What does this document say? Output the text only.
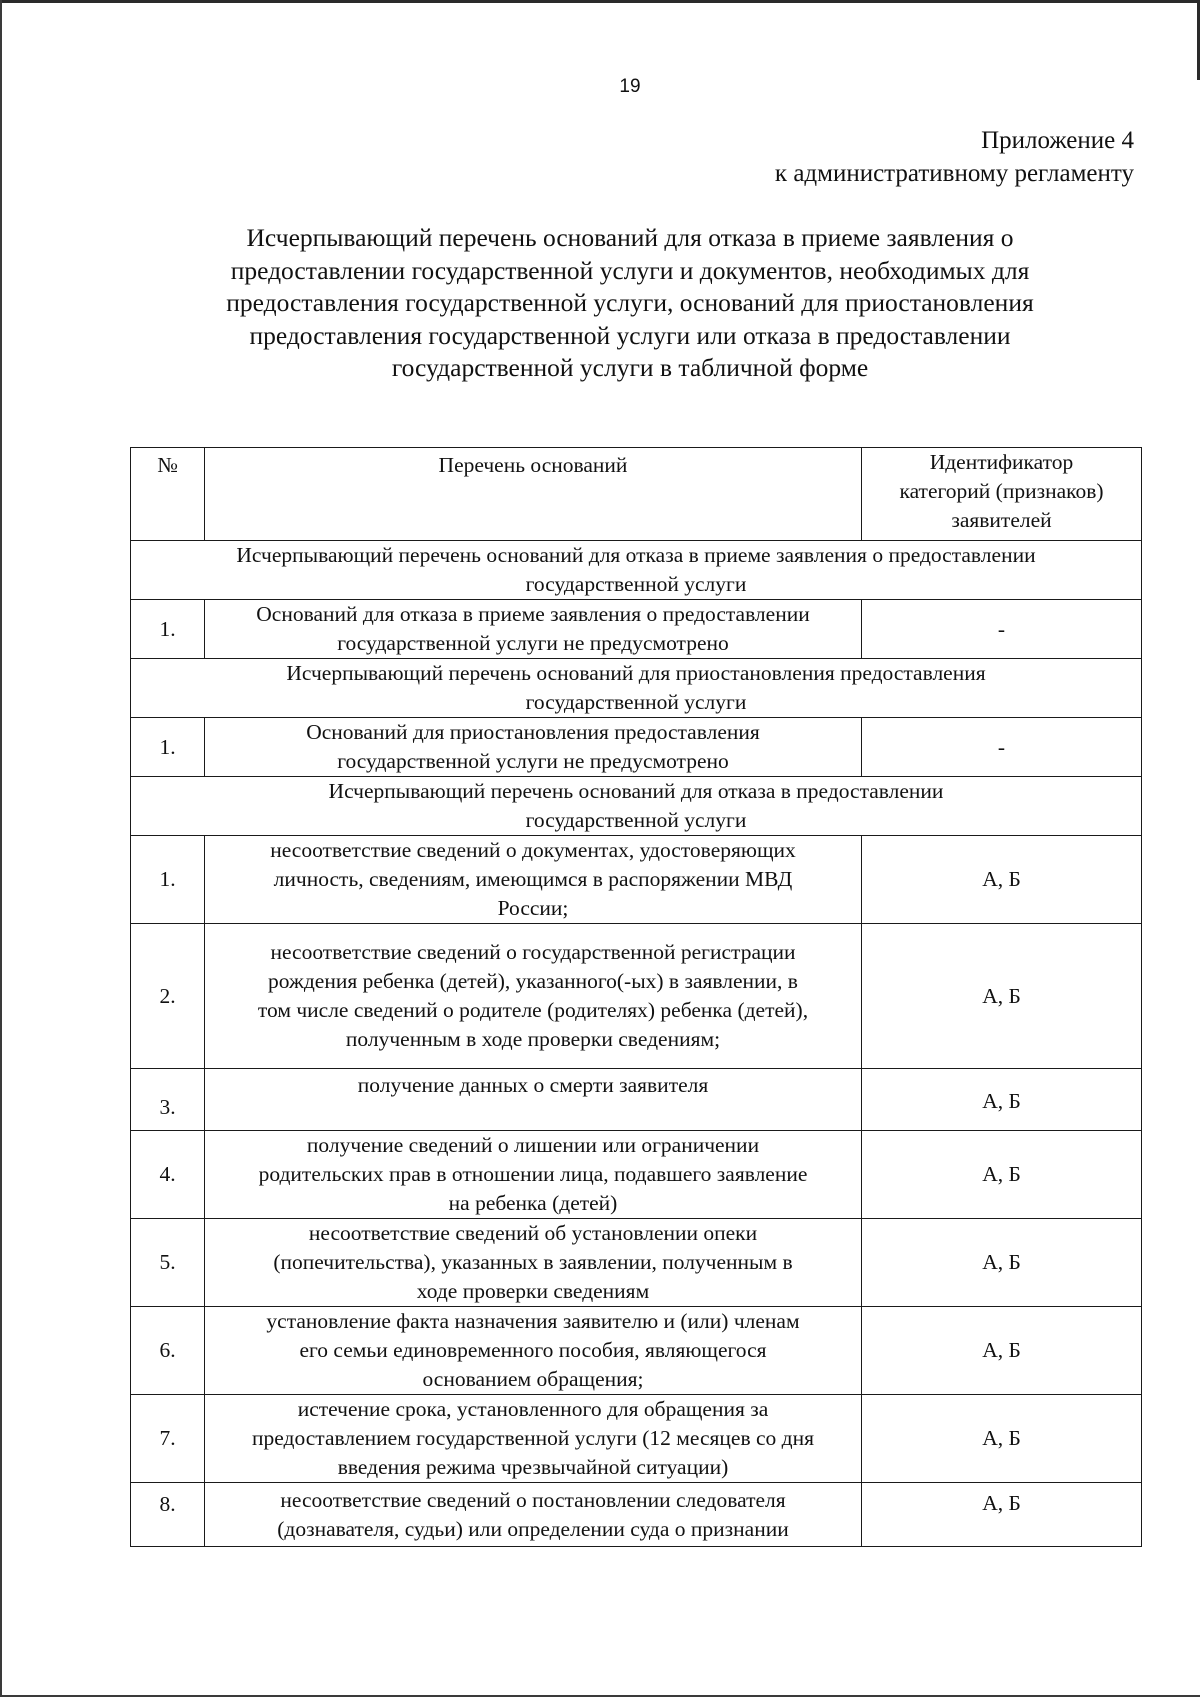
19
Приложение 4
к административному регламенту
Исчерпывающий перечень оснований для отказа в приеме заявления о
предоставлении государственной услуги и документов, необходимых для
предоставления государственной услуги, оснований для приостановления
предоставления государственной услуги или отказа в предоставлении
государственной услуги в табличной форме
№	Перечень оснований	Идентификатор
категорий (признаков)
заявителей

Исчерпывающий перечень оснований для отказа в приеме заявления о предоставлении
государственной услуги		

1.	Оснований для отказа в приеме заявления о предоставлении
государственной услуги не предусмотрено	-

Исчерпывающий перечень оснований для приостановления предоставления
государственной услуги		

1.	Оснований для приостановления предоставления
государственной услуги не предусмотрено	-

Исчерпывающий перечень оснований для отказа в предоставлении
государственной услуги		

1.	несоответствие сведений о документах, удостоверяющих
личность, сведениям, имеющимся в распоряжении МВД
России;	А, Б
2.	несоответствие сведений о государственной регистрации
рождения ребенка (детей), указанного(-ых) в заявлении, в
том числе сведений о родителе (родителях) ребенка (детей),
полученным в ходе проверки сведениям;	А, Б
3.	получение данных о смерти заявителя	А, Б
4.	получение сведений о лишении или ограничении
родительских прав в отношении лица, подавшего заявление
на ребенка (детей)	А, Б
5.	несоответствие сведений об установлении опеки
(попечительства), указанных в заявлении, полученным в
ходе проверки сведениям	А, Б
6.	установление факта назначения заявителю и (или) членам
его семьи единовременного пособия, являющегося
основанием обращения;	А, Б
7.	истечение срока, установленного для обращения за
предоставлением государственной услуги (12 месяцев со дня
введения режима чрезвычайной ситуации)	А, Б
8.	несоответствие сведений о постановлении следователя
(дознавателя, судьи) или определении суда о признании	А, Б
